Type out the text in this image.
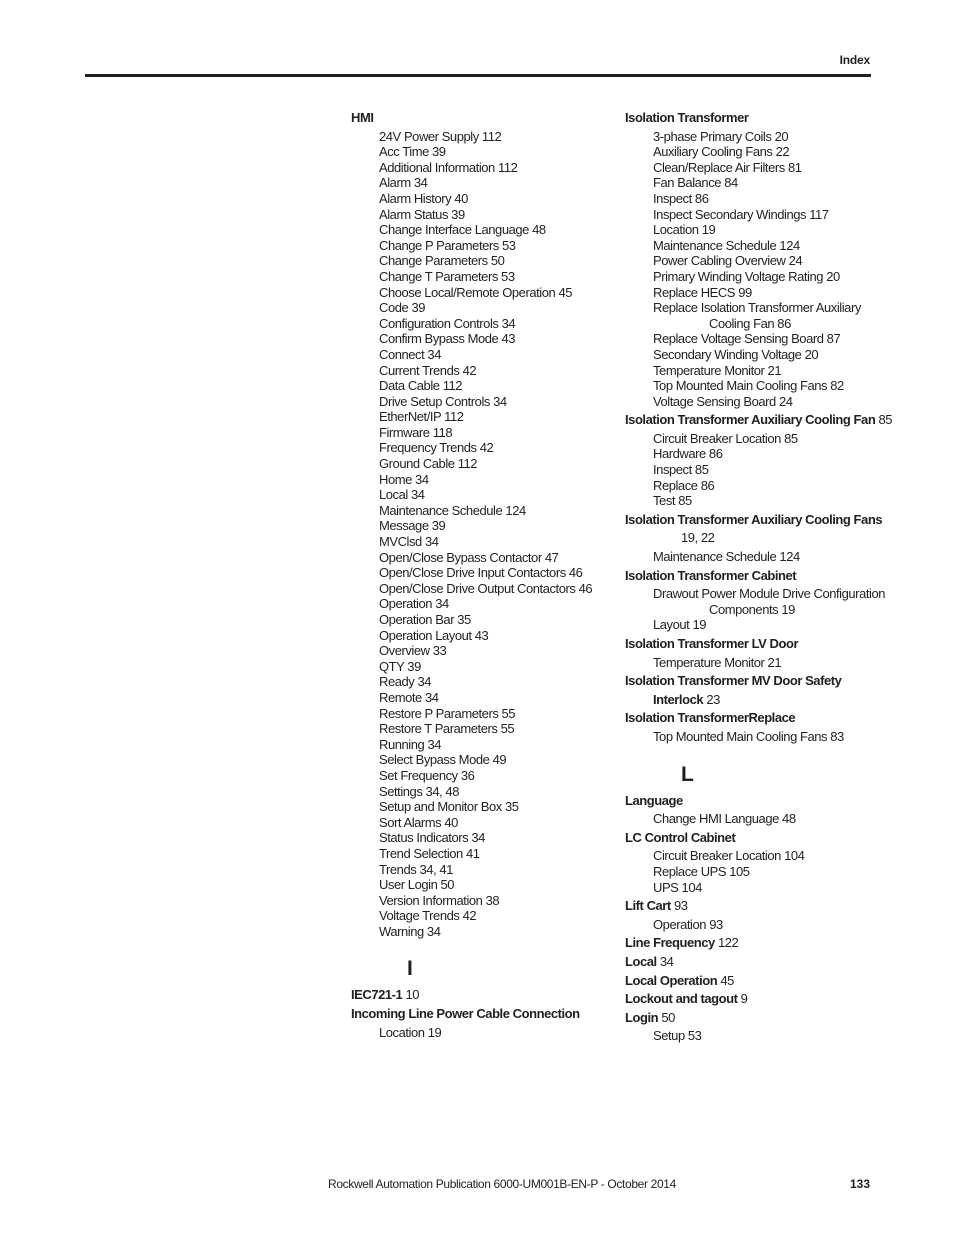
Index
HMI
24V Power Supply 112
Acc Time 39
Additional Information 112
Alarm 34
Alarm History 40
Alarm Status 39
Change Interface Language 48
Change P Parameters 53
Change Parameters 50
Change T Parameters 53
Choose Local/Remote Operation 45
Code 39
Configuration Controls 34
Confirm Bypass Mode 43
Connect 34
Current Trends 42
Data Cable 112
Drive Setup Controls 34
EtherNet/IP 112
Firmware 118
Frequency Trends 42
Ground Cable 112
Home 34
Local 34
Maintenance Schedule 124
Message 39
MVClsd 34
Open/Close Bypass Contactor 47
Open/Close Drive Input Contactors 46
Open/Close Drive Output Contactors 46
Operation 34
Operation Bar 35
Operation Layout 43
Overview 33
QTY 39
Ready 34
Remote 34
Restore P Parameters 55
Restore T Parameters 55
Running 34
Select Bypass Mode 49
Set Frequency 36
Settings 34, 48
Setup and Monitor Box 35
Sort Alarms 40
Status Indicators 34
Trend Selection 41
Trends 34, 41
User Login 50
Version Information 38
Voltage Trends 42
Warning 34
I
IEC721-1 10
Incoming Line Power Cable Connection
Location 19
Isolation Transformer
3-phase Primary Coils 20
Auxiliary Cooling Fans 22
Clean/Replace Air Filters 81
Fan Balance 84
Inspect 86
Inspect Secondary Windings 117
Location 19
Maintenance Schedule 124
Power Cabling Overview 24
Primary Winding Voltage Rating 20
Replace HECS 99
Replace Isolation Transformer Auxiliary
Cooling Fan 86
Replace Voltage Sensing Board 87
Secondary Winding Voltage 20
Temperature Monitor 21
Top Mounted Main Cooling Fans 82
Voltage Sensing Board 24
Isolation Transformer Auxiliary Cooling Fan 85
Circuit Breaker Location 85
Hardware 86
Inspect 85
Replace 86
Test 85
Isolation Transformer Auxiliary Cooling Fans
19, 22
Maintenance Schedule 124
Isolation Transformer Cabinet
Drawout Power Module Drive Configuration
Components 19
Layout 19
Isolation Transformer LV Door
Temperature Monitor 21
Isolation Transformer MV Door Safety
Interlock 23
Isolation TransformerReplace
Top Mounted Main Cooling Fans 83
L
Language
Change HMI Language 48
LC Control Cabinet
Circuit Breaker Location 104
Replace UPS 105
UPS 104
Lift Cart 93
Operation 93
Line Frequency 122
Local 34
Local Operation 45
Lockout and tagout 9
Login 50
Setup 53
Rockwell Automation Publication 6000-UM001B-EN-P - October 2014	133
